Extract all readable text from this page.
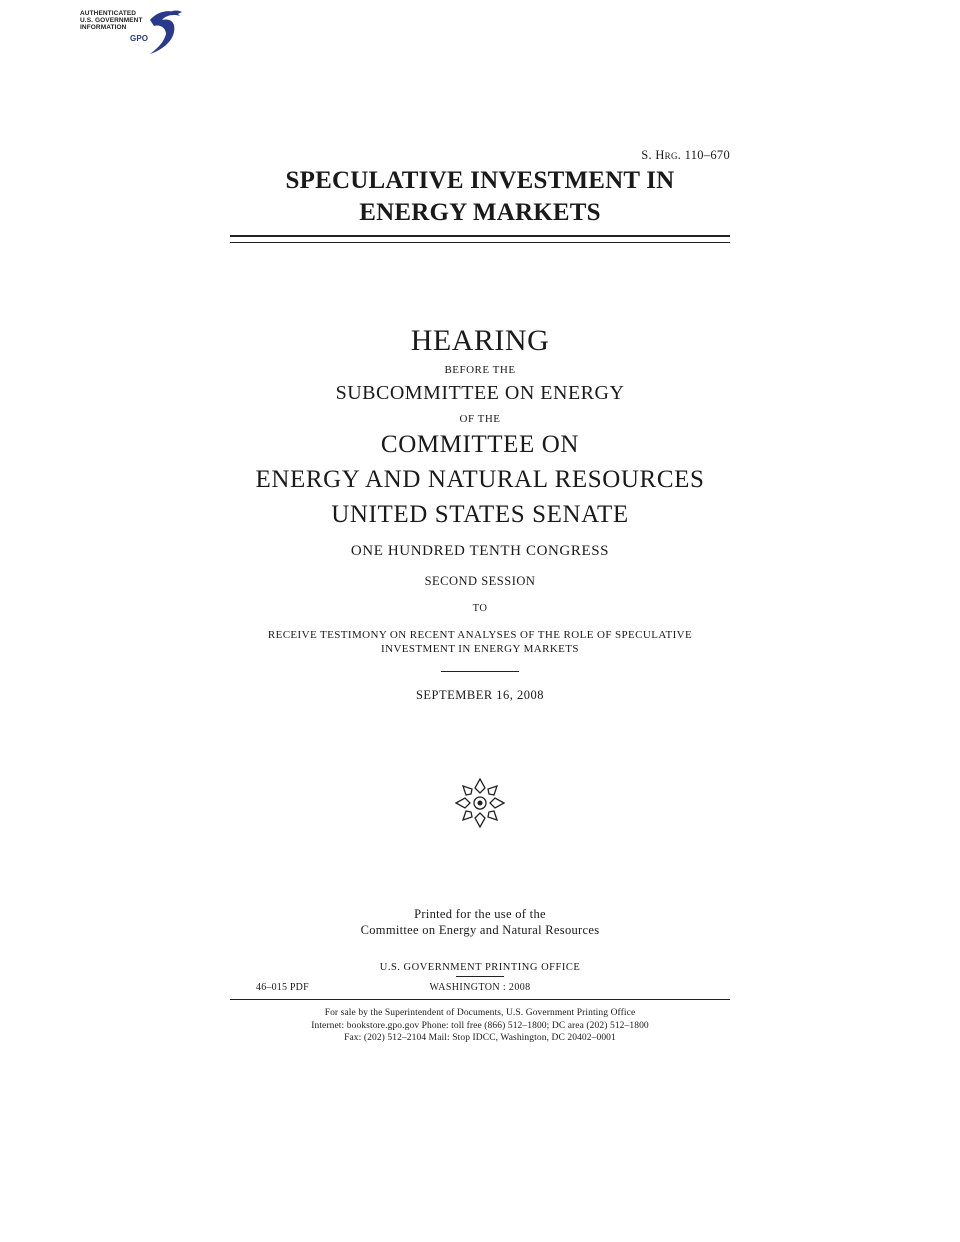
AUTHENTICATED
U.S. GOVERNMENT
INFORMATION
GPO
S. Hrg. 110–670
SPECULATIVE INVESTMENT IN
ENERGY MARKETS
HEARING
BEFORE THE
SUBCOMMITTEE ON ENERGY
OF THE
COMMITTEE ON
ENERGY AND NATURAL RESOURCES
UNITED STATES SENATE
ONE HUNDRED TENTH CONGRESS
SECOND SESSION
TO
RECEIVE TESTIMONY ON RECENT ANALYSES OF THE ROLE OF SPECULATIVE
INVESTMENT IN ENERGY MARKETS
SEPTEMBER 16, 2008
Printed for the use of the
Committee on Energy and Natural Resources
U.S. GOVERNMENT PRINTING OFFICE
46–015 PDF	WASHINGTON : 2008
For sale by the Superintendent of Documents, U.S. Government Printing Office
Internet: bookstore.gpo.gov Phone: toll free (866) 512–1800; DC area (202) 512–1800
Fax: (202) 512–2104 Mail: Stop IDCC, Washington, DC 20402–0001
